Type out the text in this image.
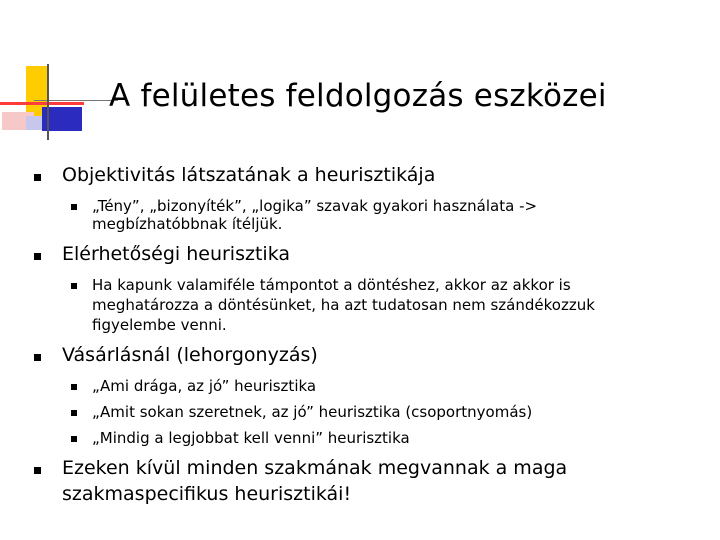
A felületes feldolgozás eszközei
Objektivitás látszatának a heurisztikája
„Tény”, „bizonyíték”, „logika” szavak gyakori használata ->
megbízhatóbbnak ítéljük.
Elérhetőségi heurisztika
Ha kapunk valamiféle támpontot a döntéshez, akkor az akkor is
meghatározza a döntésünket, ha azt tudatosan nem szándékozzuk
figyelembe venni.
Vásárlásnál (lehorgonyzás)
„Ami drága, az jó” heurisztika
„Amit sokan szeretnek, az jó” heurisztika (csoportnyomás)
„Mindig a legjobbat kell venni” heurisztika
Ezeken kívül minden szakmának megvannak a maga
szakmaspecifikus heurisztikái!
